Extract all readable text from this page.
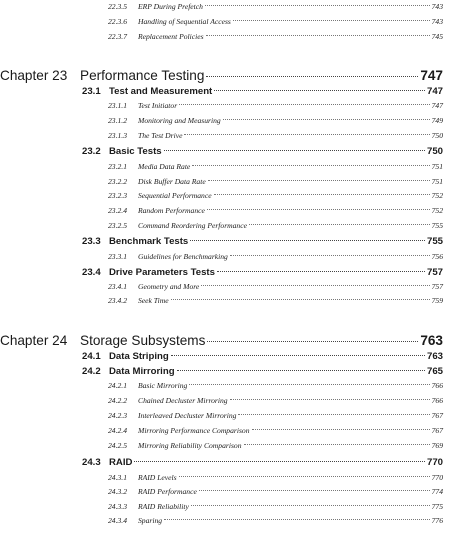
22.3.5	ERP During Prefetch	743
22.3.6	Handling of Sequential Access	743
22.3.7	Replacement Policies	745
Chapter 23 Performance Testing	747
23.1 Test and Measurement	747
23.1.1	Test Initiator	747
23.1.2	Monitoring and Measuring	749
23.1.3	The Test Drive	750
23.2 Basic Tests	750
23.2.1	Media Data Rate	751
23.2.2	Disk Buffer Data Rate	751
23.2.3	Sequential Performance	752
23.2.4	Random Performance	752
23.2.5	Command Reordering Performance	755
23.3 Benchmark Tests	755
23.3.1	Guidelines for Benchmarking	756
23.4 Drive Parameters Tests	757
23.4.1	Geometry and More	757
23.4.2	Seek Time	759
Chapter 24 Storage Subsystems	763
24.1 Data Striping	763
24.2 Data Mirroring	765
24.2.1	Basic Mirroring	766
24.2.2	Chained Decluster Mirroring	766
24.2.3	Interleaved Decluster Mirroring	767
24.2.4	Mirroring Performance Comparison	767
24.2.5	Mirroring Reliability Comparison	769
24.3 RAID	770
24.3.1	RAID Levels	770
24.3.2	RAID Performance	774
24.3.3	RAID Reliability	775
24.3.4	Sparing	776
